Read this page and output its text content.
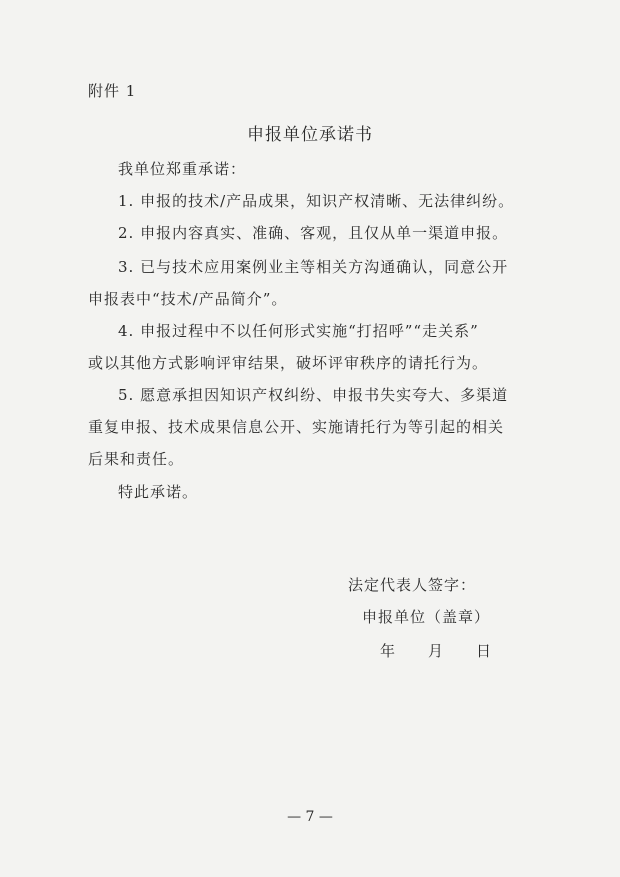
附件 1
申报单位承诺书
我单位郑重承诺：
1. 申报的技术/产品成果，知识产权清晰、无法律纠纷。
2. 申报内容真实、准确、客观，且仅从单一渠道申报。
3. 已与技术应用案例业主等相关方沟通确认，同意公开
申报表中“技术/产品简介”。
4. 申报过程中不以任何形式实施“打招呼”“走关系”
或以其他方式影响评审结果，破坏评审秩序的请托行为。
5. 愿意承担因知识产权纠纷、申报书失实夸大、多渠道
重复申报、技术成果信息公开、实施请托行为等引起的相关
后果和责任。
特此承诺。
法定代表人签字：
申报单位（盖章）
年 月 日
— 7 —
